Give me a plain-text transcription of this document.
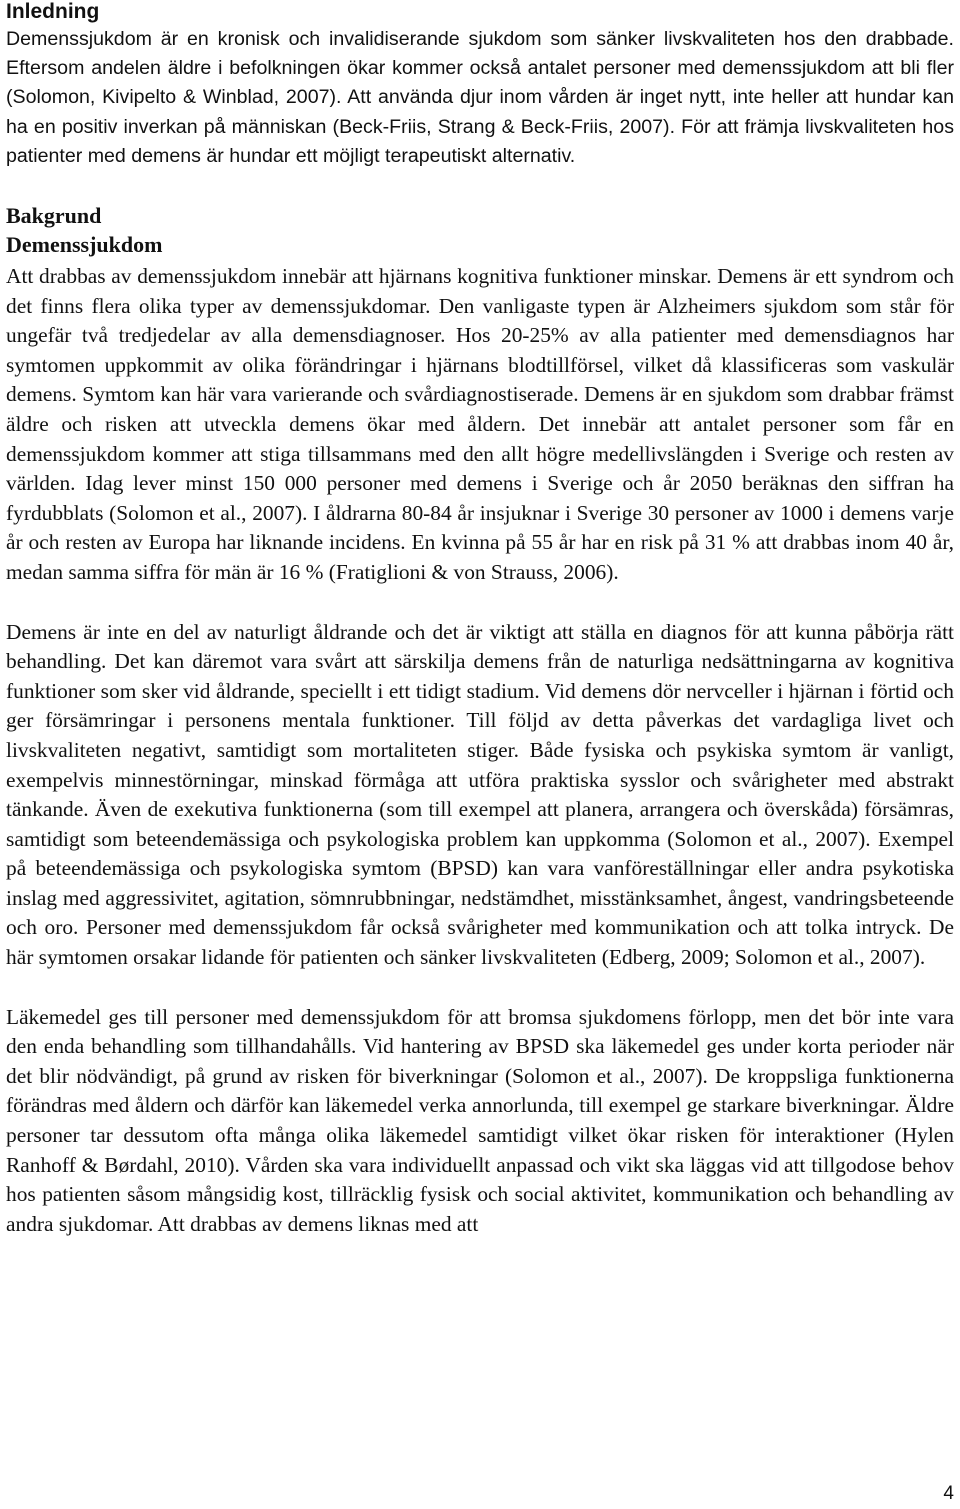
Inledning

Demenssjukdom är en kronisk och invalidiserande sjukdom som sänker livskvaliteten hos den drabbade. Eftersom andelen äldre i befolkningen ökar kommer också antalet personer med demenssjukdom att bli fler (Solomon, Kivipelto & Winblad, 2007). Att använda djur inom vården är inget nytt, inte heller att hundar kan ha en positiv inverkan på människan (Beck-Friis, Strang & Beck-Friis, 2007). För att främja livskvaliteten hos patienter med demens är hundar ett möjligt terapeutiskt alternativ.

Bakgrund
Demenssjukdom

Att drabbas av demenssjukdom innebär att hjärnans kognitiva funktioner minskar. Demens är ett syndrom och det finns flera olika typer av demenssjukdomar. Den vanligaste typen är Alzheimers sjukdom som står för ungefär två tredjedelar av alla demensdiagnoser. Hos 20-25% av alla patienter med demensdiagnos har symtomen uppkommit av olika förändringar i hjärnans blodtillförsel, vilket då klassificeras som vaskulär demens. Symtom kan här vara varierande och svårdiagnostiserade. Demens är en sjukdom som drabbar främst äldre och risken att utveckla demens ökar med åldern. Det innebär att antalet personer som får en demenssjukdom kommer att stiga tillsammans med den allt högre medellivslängden i Sverige och resten av världen. Idag lever minst 150 000 personer med demens i Sverige och år 2050 beräknas den siffran ha fyrdubblats (Solomon et al., 2007). I åldrarna 80-84 år insjuknar i Sverige 30 personer av 1000 i demens varje år och resten av Europa har liknande incidens. En kvinna på 55 år har en risk på 31 % att drabbas inom 40 år, medan samma siffra för män är 16 % (Fratiglioni & von Strauss, 2006).

Demens är inte en del av naturligt åldrande och det är viktigt att ställa en diagnos för att kunna påbörja rätt behandling. Det kan däremot vara svårt att särskilja demens från de naturliga nedsättningarna av kognitiva funktioner som sker vid åldrande, speciellt i ett tidigt stadium. Vid demens dör nervceller i hjärnan i förtid och ger försämringar i personens mentala funktioner. Till följd av detta påverkas det vardagliga livet och livskvaliteten negativt, samtidigt som mortaliteten stiger. Både fysiska och psykiska symtom är vanligt, exempelvis minnestörningar, minskad förmåga att utföra praktiska sysslor och svårigheter med abstrakt tänkande. Även de exekutiva funktionerna (som till exempel att planera, arrangera och överskåda) försämras, samtidigt som beteendemässiga och psykologiska problem kan uppkomma (Solomon et al., 2007). Exempel på beteendemässiga och psykologiska symtom (BPSD) kan vara vanföreställningar eller andra psykotiska inslag med aggressivitet, agitation, sömnrubbningar, nedstämdhet, misstänksamhet, ångest, vandringsbeteende och oro. Personer med demenssjukdom får också svårigheter med kommunikation och att tolka intryck. De här symtomen orsakar lidande för patienten och sänker livskvaliteten (Edberg, 2009; Solomon et al., 2007).

Läkemedel ges till personer med demenssjukdom för att bromsa sjukdomens förlopp, men det bör inte vara den enda behandling som tillhandahålls. Vid hantering av BPSD ska läkemedel ges under korta perioder när det blir nödvändigt, på grund av risken för biverkningar (Solomon et al., 2007). De kroppsliga funktionerna förändras med åldern och därför kan läkemedel verka annorlunda, till exempel ge starkare biverkningar. Äldre personer tar dessutom ofta många olika läkemedel samtidigt vilket ökar risken för interaktioner (Hylen Ranhoff & Børdahl, 2010). Vården ska vara individuellt anpassad och vikt ska läggas vid att tillgodose behov hos patienten såsom mångsidig kost, tillräcklig fysisk och social aktivitet, kommunikation och behandling av andra sjukdomar. Att drabbas av demens liknas med att

4
